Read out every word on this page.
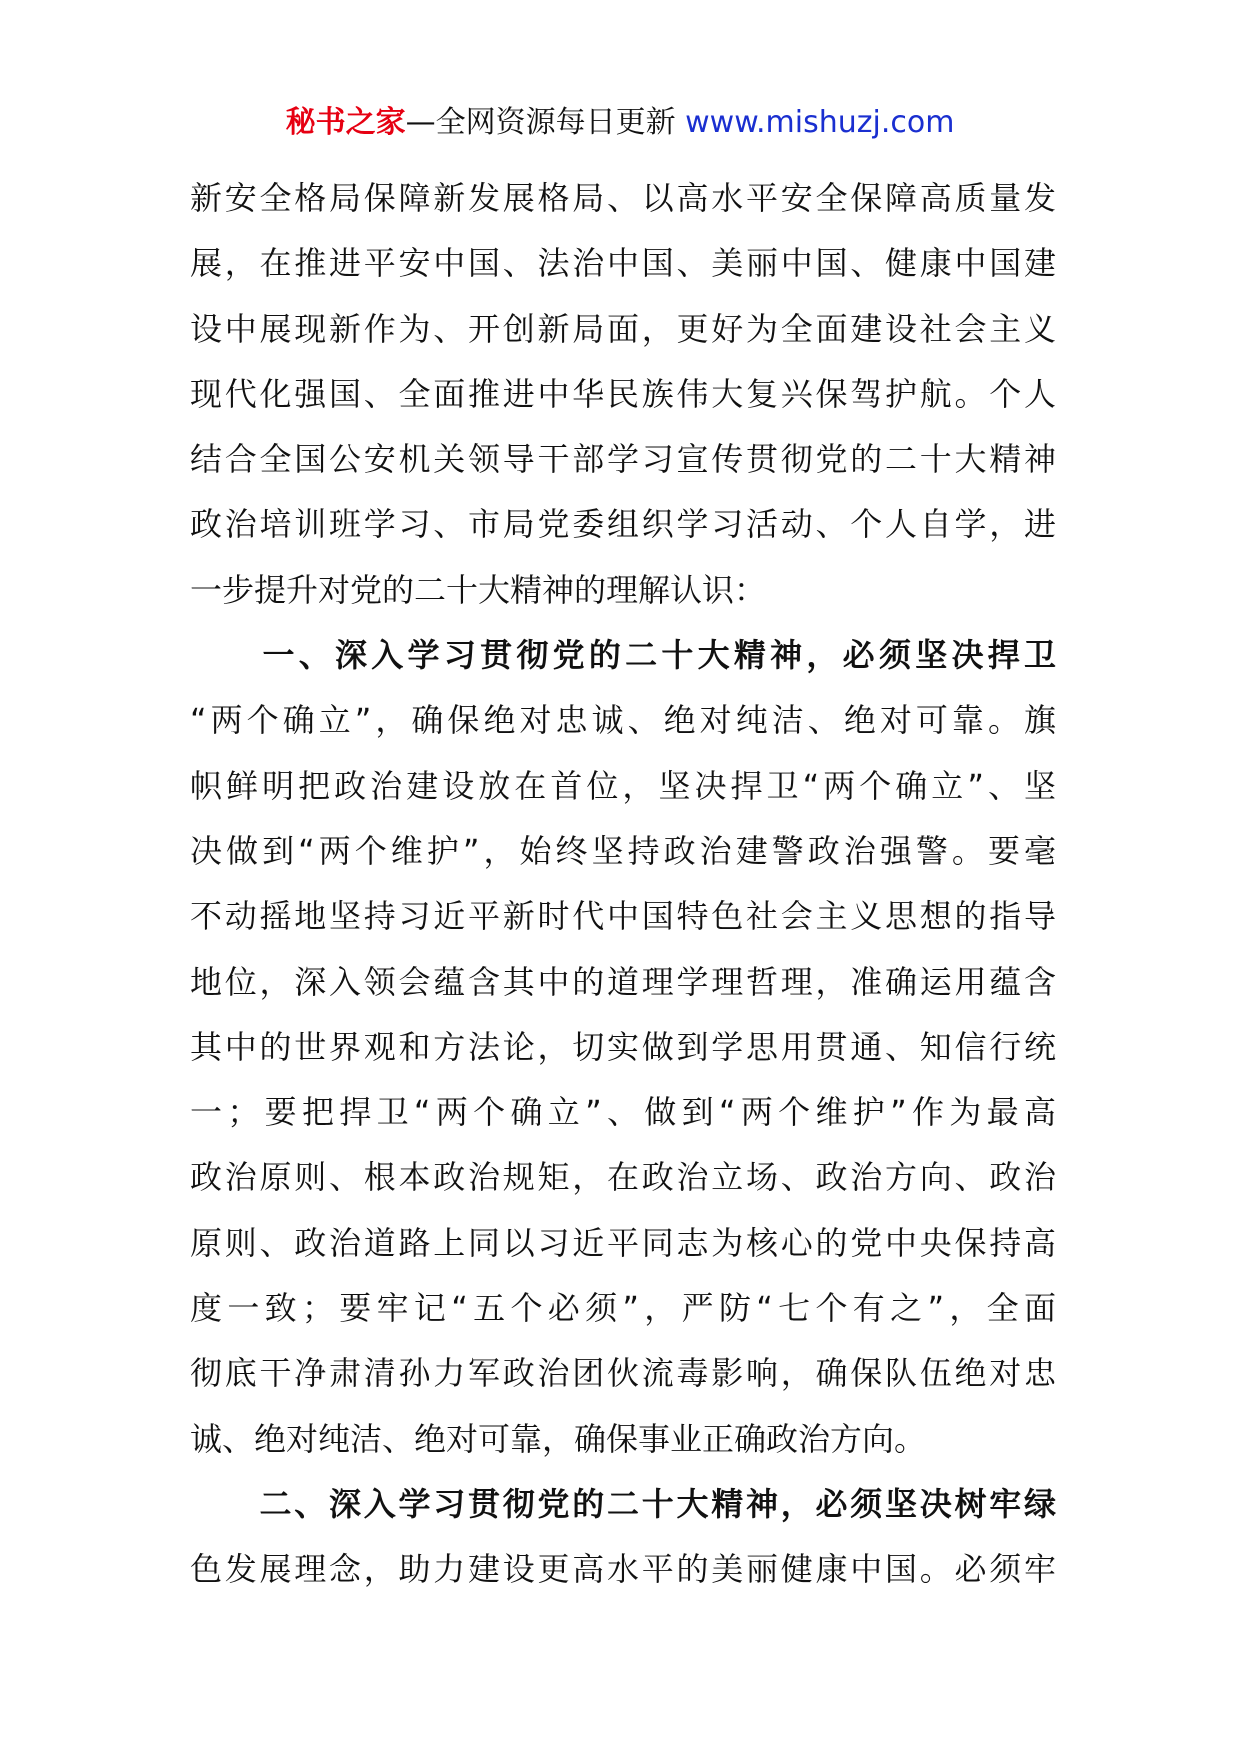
秘书之家—全网资源每日更新 www.mishuzj.com
新安全格局保障新发展格局、以高水平安全保障高质量发
展，在推进平安中国、法治中国、美丽中国、健康中国建
设中展现新作为、开创新局面，更好为全面建设社会主义
现代化强国、全面推进中华民族伟大复兴保驾护航。个人
结合全国公安机关领导干部学习宣传贯彻党的二十大精神
政治培训班学习、市局党委组织学习活动、个人自学，进
一步提升对党的二十大精神的理解认识：
　　一、深入学习贯彻党的二十大精神，必须坚决捍卫
“两个确立”，确保绝对忠诚、绝对纯洁、绝对可靠。旗
帜鲜明把政治建设放在首位，坚决捍卫“两个确立”、坚
决做到“两个维护”，始终坚持政治建警政治强警。要毫
不动摇地坚持习近平新时代中国特色社会主义思想的指导
地位，深入领会蕴含其中的道理学理哲理，准确运用蕴含
其中的世界观和方法论，切实做到学思用贯通、知信行统
一；要把捍卫“两个确立”、做到“两个维护”作为最高
政治原则、根本政治规矩，在政治立场、政治方向、政治
原则、政治道路上同以习近平同志为核心的党中央保持高
度一致；要牢记“五个必须”，严防“七个有之”，全面
彻底干净肃清孙力军政治团伙流毒影响，确保队伍绝对忠
诚、绝对纯洁、绝对可靠，确保事业正确政治方向。
　　二、深入学习贯彻党的二十大精神，必须坚决树牢绿
色发展理念，助力建设更高水平的美丽健康中国。必须牢
